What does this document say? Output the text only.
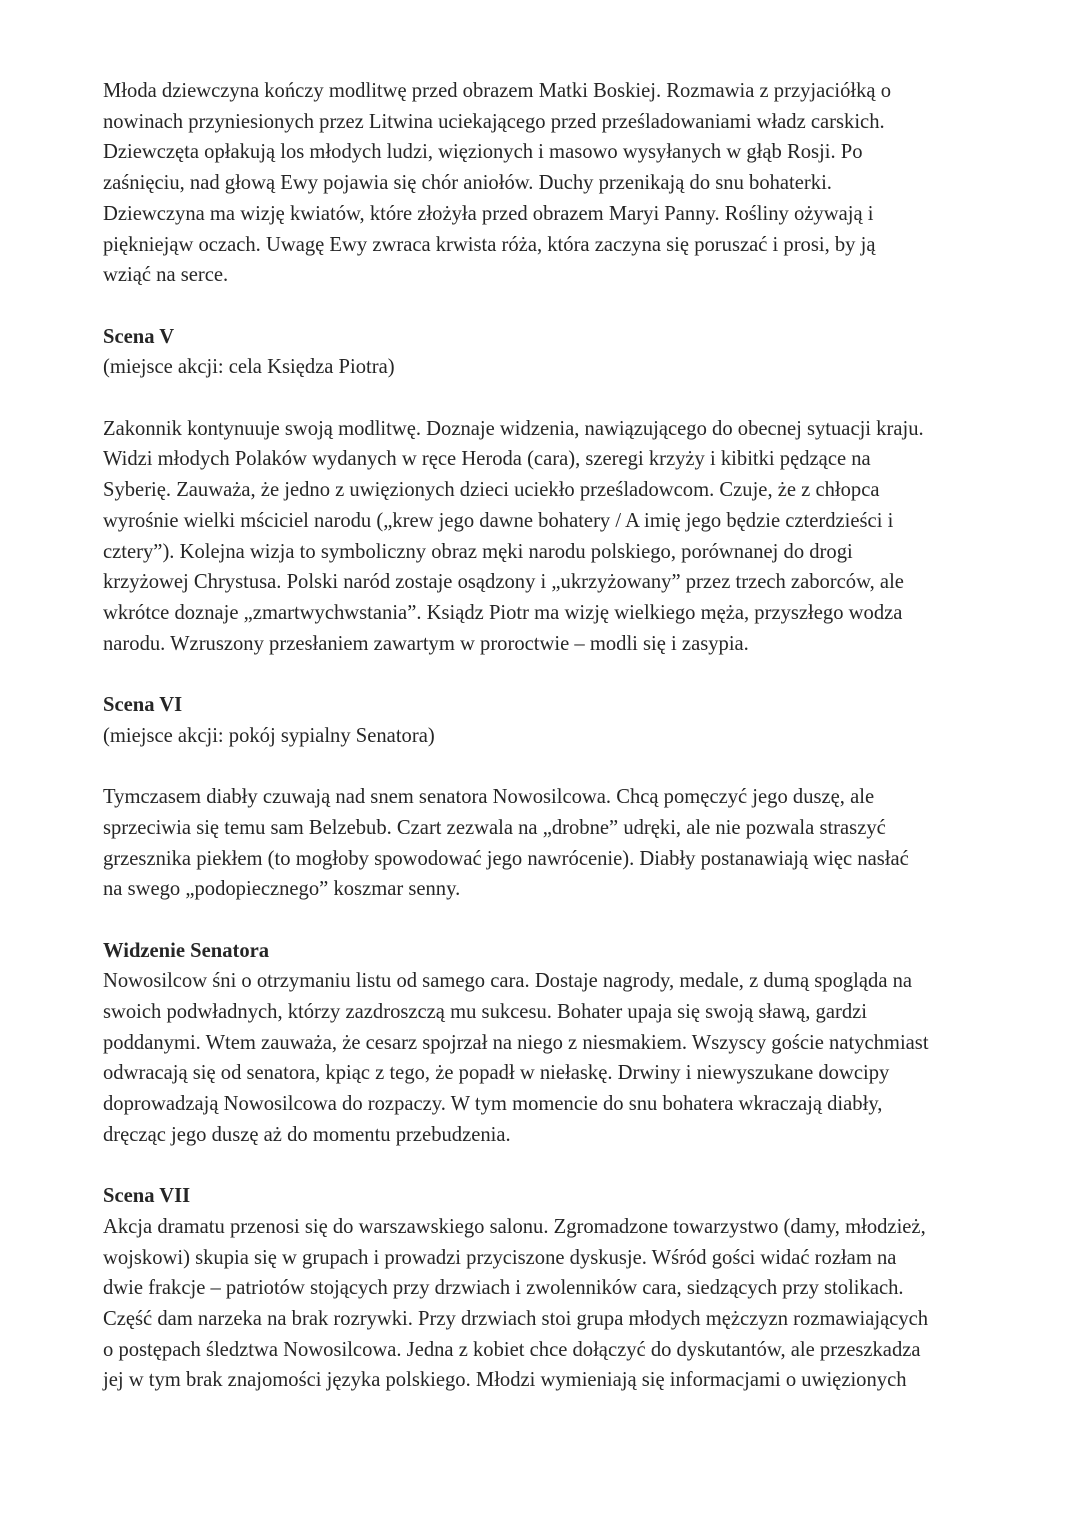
Młoda dziewczyna kończy modlitwę przed obrazem Matki Boskiej. Rozmawia z przyjaciółką o
nowinach przyniesionych przez Litwina uciekającego przed prześladowaniami władz carskich.
Dziewczęta opłakują los młodych ludzi, więzionych i masowo wysyłanych w głąb Rosji. Po
zaśnięciu, nad głową Ewy pojawia się chór aniołów. Duchy przenikają do snu bohaterki.
Dziewczyna ma wizję kwiatów, które złożyła przed obrazem Maryi Panny. Rośliny ożywają i
piękniejąw oczach. Uwagę Ewy zwraca krwista róża, która zaczyna się poruszać i prosi, by ją
wziąć na serce.

Scena V

(miejsce akcji: cela Księdza Piotra)

Zakonnik kontynuuje swoją modlitwę. Doznaje widzenia, nawiązującego do obecnej sytuacji kraju.
Widzi młodych Polaków wydanych w ręce Heroda (cara), szeregi krzyży i kibitki pędzące na
Syberię. Zauważa, że jedno z uwięzionych dzieci uciekło prześladowcom. Czuje, że z chłopca
wyrośnie wielki mściciel narodu („krew jego dawne bohatery / A imię jego będzie czterdzieści i
cztery”). Kolejna wizja to symboliczny obraz męki narodu polskiego, porównanej do drogi
krzyżowej Chrystusa. Polski naród zostaje osądzony i „ukrzyżowany” przez trzech zaborców, ale
wkrótce doznaje „zmartwychwstania”. Ksiądz Piotr ma wizję wielkiego męża, przyszłego wodza
narodu. Wzruszony przesłaniem zawartym w proroctwie – modli się i zasypia.

Scena VI

(miejsce akcji: pokój sypialny Senatora)

Tymczasem diabły czuwają nad snem senatora Nowosilcowa. Chcą pomęczyć jego duszę, ale
sprzeciwia się temu sam Belzebub. Czart zezwala na „drobne” udręki, ale nie pozwala straszyć
grzesznika piekłem (to mogłoby spowodować jego nawrócenie). Diabły postanawiają więc nasłać
na swego „podopiecznego” koszmar senny.

Widzenie Senatora

Nowosilcow śni o otrzymaniu listu od samego cara. Dostaje nagrody, medale, z dumą spogląda na
swoich podwładnych, którzy zazdroszczą mu sukcesu. Bohater upaja się swoją sławą, gardzi
poddanymi. Wtem zauważa, że cesarz spojrzał na niego z niesmakiem. Wszyscy goście natychmiast
odwracają się od senatora, kpiąc z tego, że popadł w niełaskę. Drwiny i niewyszukane dowcipy
doprowadzają Nowosilcowa do rozpaczy. W tym momencie do snu bohatera wkraczają diabły,
dręcząc jego duszę aż do momentu przebudzenia.

Scena VII

Akcja dramatu przenosi się do warszawskiego salonu. Zgromadzone towarzystwo (damy, młodzież,
wojskowi) skupia się w grupach i prowadzi przyciszone dyskusje. Wśród gości widać rozłam na
dwie frakcje – patriotów stojących przy drzwiach i zwolenników cara, siedzących przy stolikach.
Część dam narzeka na brak rozrywki. Przy drzwiach stoi grupa młodych mężczyzn rozmawiających
o postępach śledztwa Nowosilcowa. Jedna z kobiet chce dołączyć do dyskutantów, ale przeszkadza
jej w tym brak znajomości języka polskiego. Młodzi wymieniają się informacjami o uwięzionych
